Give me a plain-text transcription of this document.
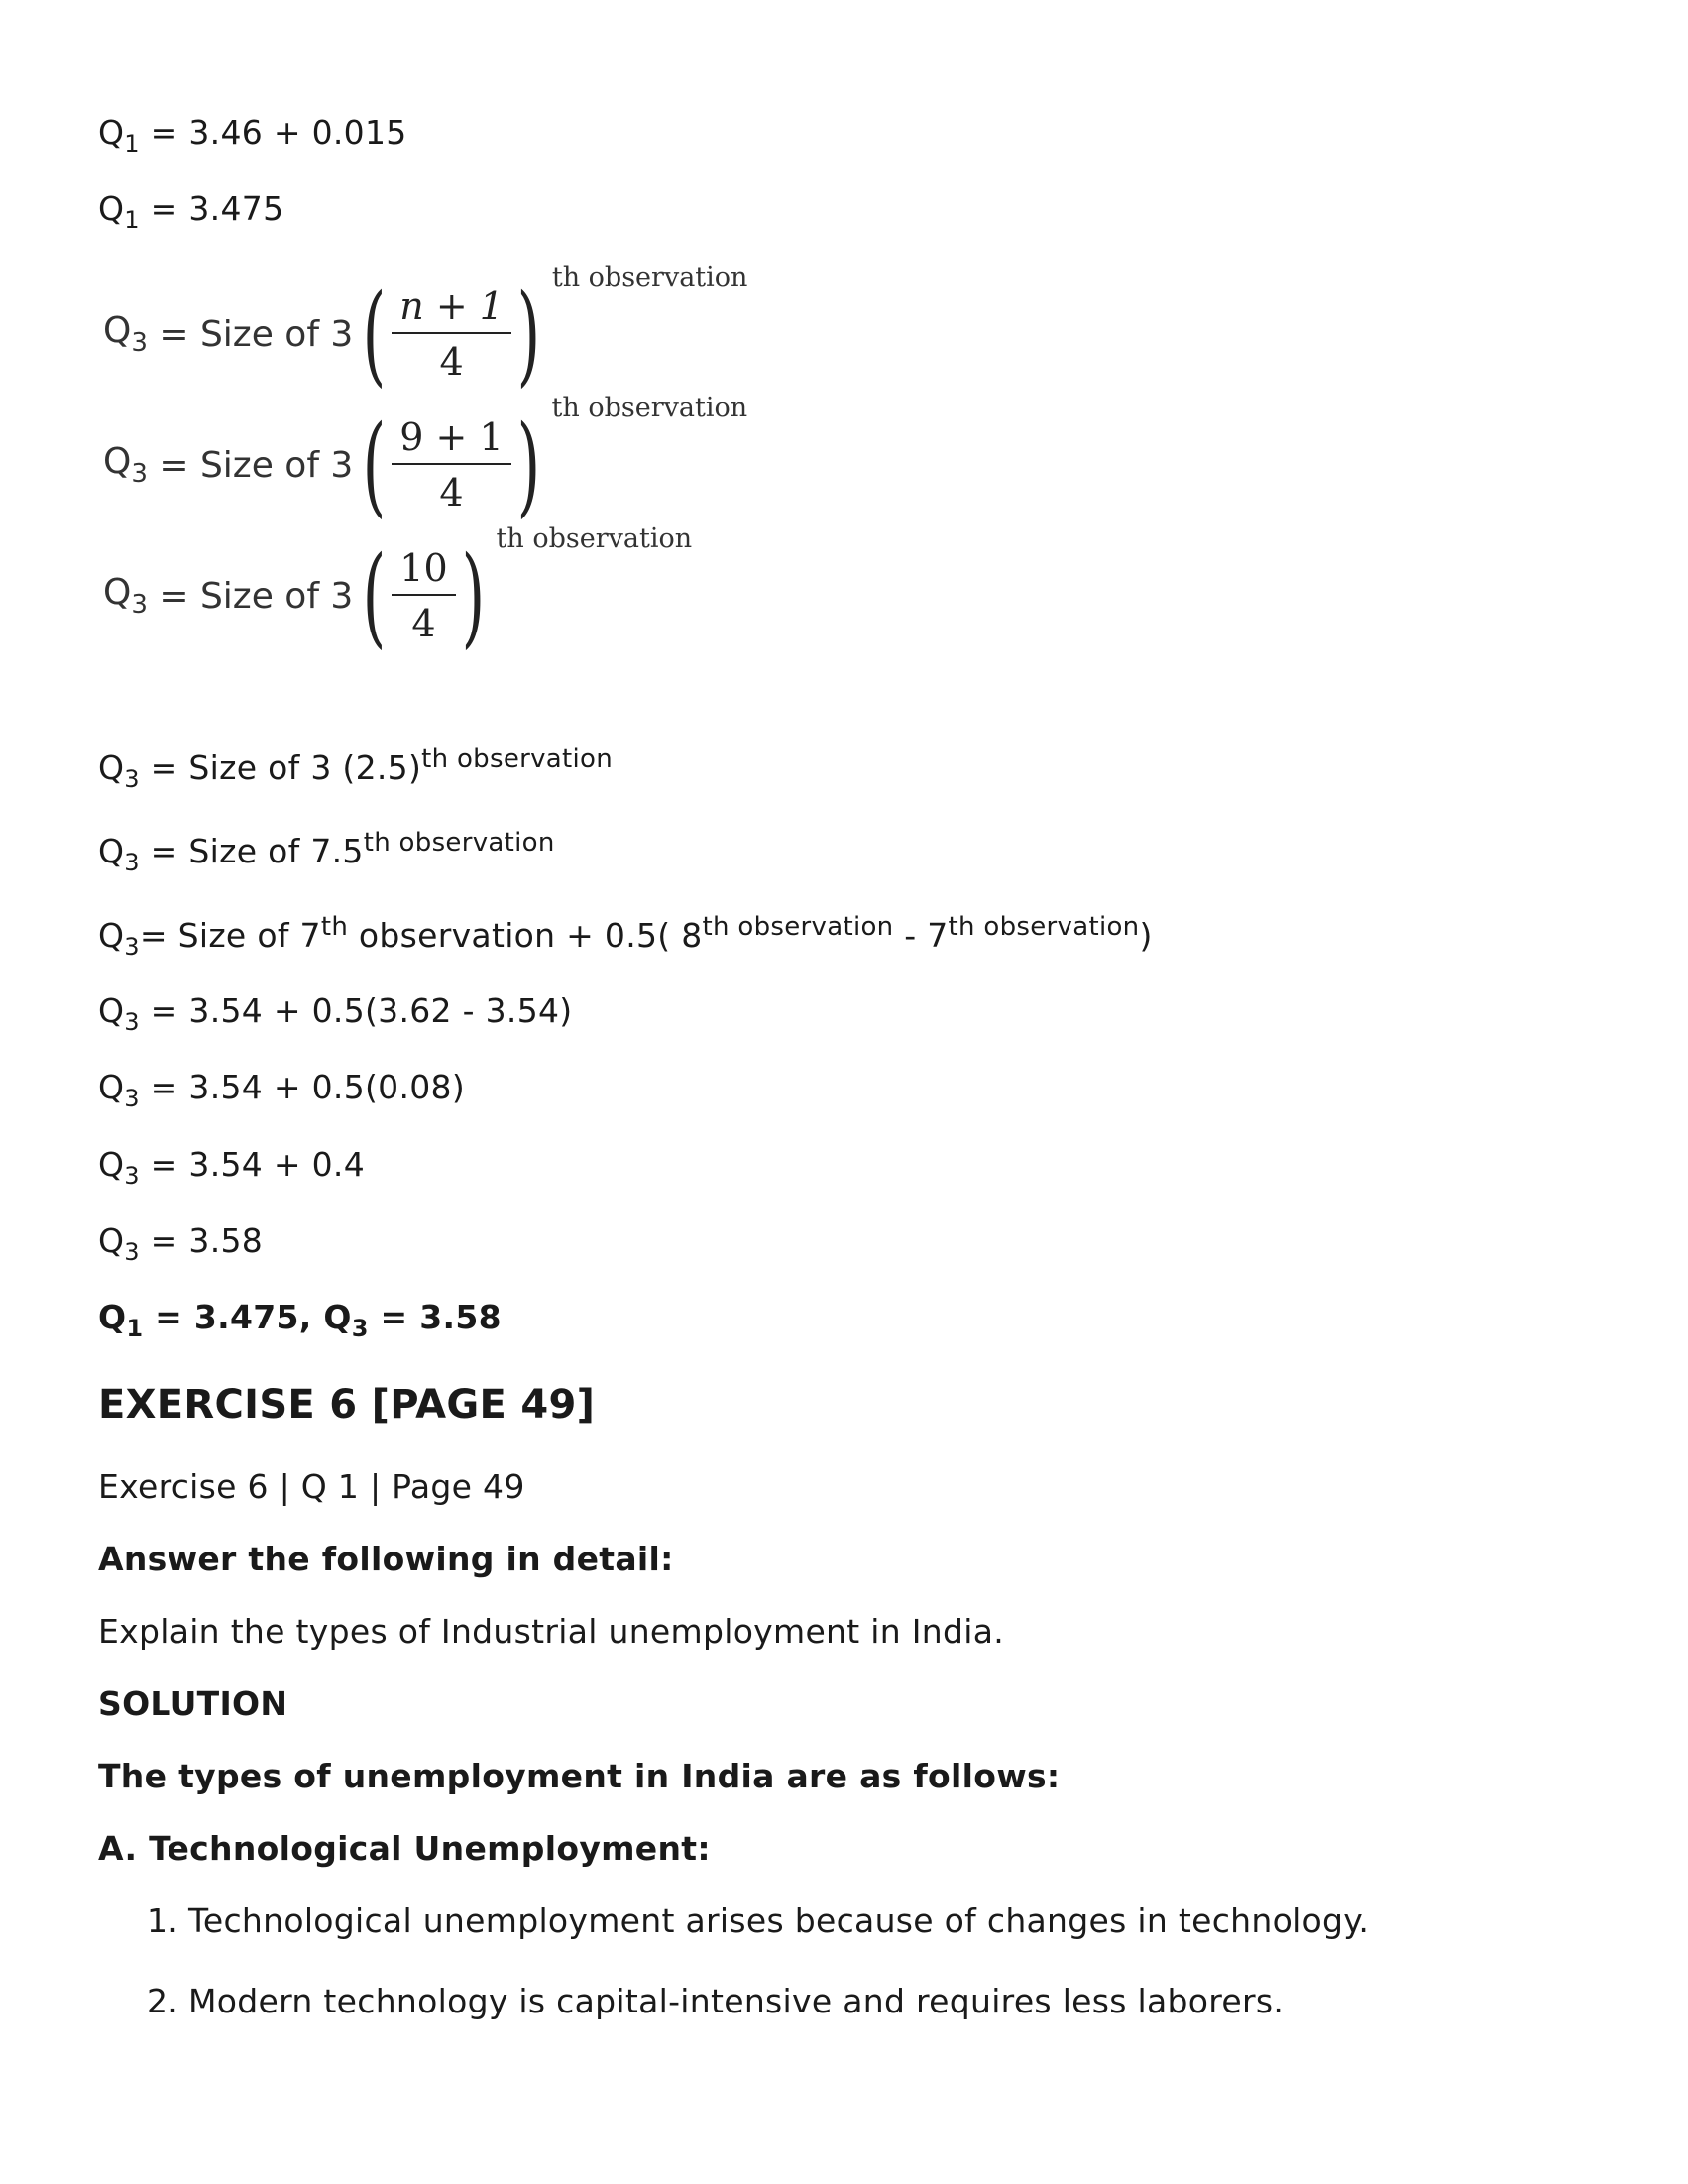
$Q_1 = 3.46 + 0.015$
$Q_1 = 3.475$
$Q_3$
= Size of 3 ( $\frac{n + 1}{4}$ ) th observation
$Q_3$
= Size of 3 ( $\frac{9 + 1}{4}$ ) th observation
$Q_3$
= Size of 3 ( $\frac{10}{4}$ ) th observation
$Q_3$ = Size of 3 $(2.5)^{th observation}$
$Q_3$ = Size of $7.5^{th observation}$
$Q_3=$ Size of 7th observation + 0.5( $8^{th observation} - 7^{th observation}$)
$Q_3 = 3.54 + 0.5(3.62 - 3.54)$
$Q_3 = 3.54 + 0.5(0.08)$
$Q_3 = 3.54 + 0.4$
$Q_3 = 3.58$
$Q_1 = 3.475$, $Q_3 = 3.58$
EXERCISE 6 [PAGE 49]
Exercise 6 | Q 1 | Page 49
Answer the following in detail:
Explain the types of Industrial unemployment in India.
SOLUTION
The types of unemployment in India are as follows:
A. Technological Unemployment:
1. Technological unemployment arises because of changes in technology.
2. Modern technology is capital-intensive and requires less laborers.
